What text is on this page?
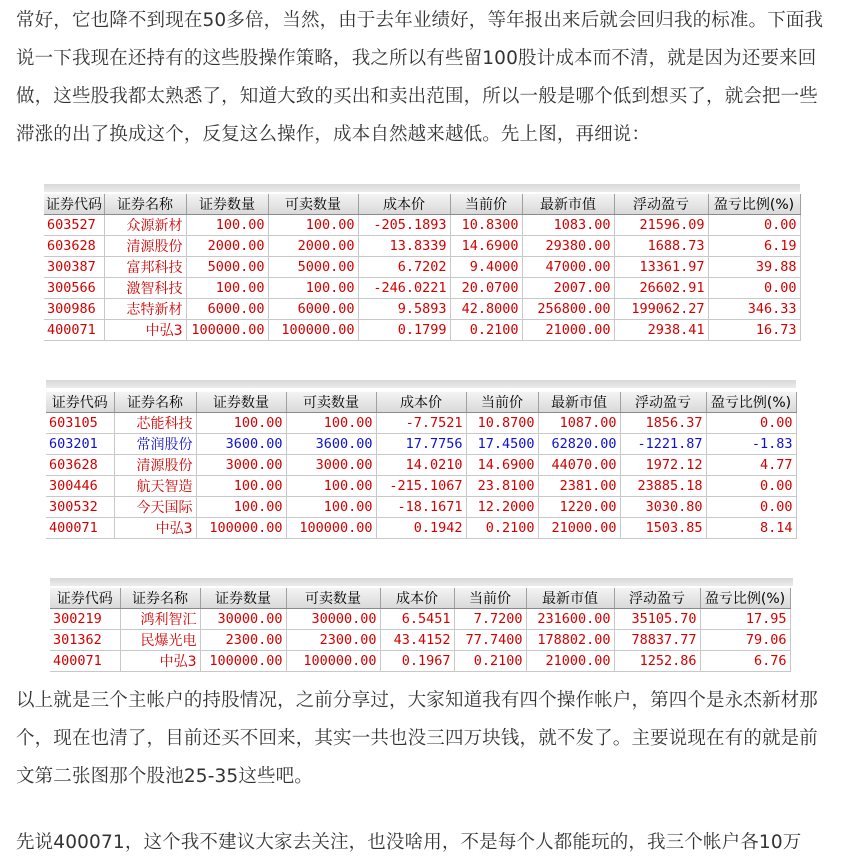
常好，它也降不到现在50多倍，当然，由于去年业绩好，等年报出来后就会回归我的标准。下面我说一下我现在还持有的这些股操作策略，我之所以有些留100股计成本而不清，就是因为还要来回做，这些股我都太熟悉了，知道大致的买出和卖出范围，所以一般是哪个低到想买了，就会把一些滞涨的出了换成这个，反复这么操作，成本自然越来越低。先上图，再细说：

证券代码	证券名称	证券数量	可卖数量	成本价	当前价	最新市值	浮动盈亏	盈亏比例(%)
603527	众源新材	100.00	100.00	-205.1893	10.8300	1083.00	21596.09	0.00
603628	清源股份	2000.00	2000.00	13.8339	14.6900	29380.00	1688.73	6.19
300387	富邦科技	5000.00	5000.00	6.7202	9.4000	47000.00	13361.97	39.88
300566	激智科技	100.00	100.00	-246.0221	20.0700	2007.00	26602.91	0.00
300986	志特新材	6000.00	6000.00	9.5893	42.8000	256800.00	199062.27	346.33
400071	中弘3	100000.00	100000.00	0.1799	0.2100	21000.00	2938.41	16.73
证券代码	证券名称	证券数量	可卖数量	成本价	当前价	最新市值	浮动盈亏	盈亏比例(%)
603105	芯能科技	100.00	100.00	-7.7521	10.8700	1087.00	1856.37	0.00
603201	常润股份	3600.00	3600.00	17.7756	17.4500	62820.00	-1221.87	-1.83
603628	清源股份	3000.00	3000.00	14.0210	14.6900	44070.00	1972.12	4.77
300446	航天智造	100.00	100.00	-215.1067	23.8100	2381.00	23885.18	0.00
300532	今天国际	100.00	100.00	-18.1671	12.2000	1220.00	3030.80	0.00
400071	中弘3	100000.00	100000.00	0.1942	0.2100	21000.00	1503.85	8.14
证券代码	证券名称	证券数量	可卖数量	成本价	当前价	最新市值	浮动盈亏	盈亏比例(%)
300219	鸿利智汇	30000.00	30000.00	6.5451	7.7200	231600.00	35105.70	17.95
301362	民爆光电	2300.00	2300.00	43.4152	77.7400	178802.00	78837.77	79.06
400071	中弘3	100000.00	100000.00	0.1967	0.2100	21000.00	1252.86	6.76

以上就是三个主帐户的持股情况，之前分享过，大家知道我有四个操作帐户，第四个是永杰新材那个，现在也清了，目前还买不回来，其实一共也没三四万块钱，就不发了。主要说现在有的就是前文第二张图那个股池25-35这些吧。

先说400071，这个我不建议大家去关注，也没啥用，不是每个人都能玩的，我三个帐户各10万
